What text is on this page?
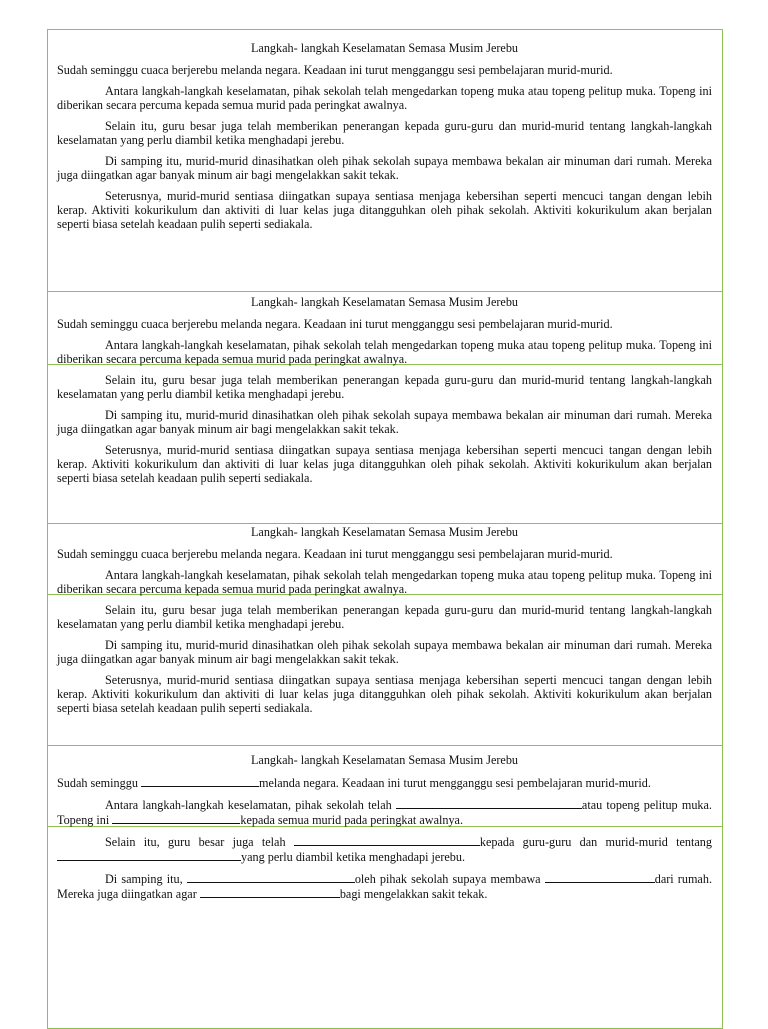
Langkah- langkah Keselamatan Semasa Musim Jerebu

Sudah seminggu cuaca berjerebu melanda negara. Keadaan ini turut mengganggu sesi pembelajaran murid-murid.

Antara langkah-langkah keselamatan, pihak sekolah telah mengedarkan topeng muka atau topeng pelitup muka. Topeng ini diberikan secara percuma kepada semua murid pada peringkat awalnya.

Selain itu, guru besar juga telah memberikan penerangan kepada guru-guru dan murid-murid tentang langkah-langkah keselamatan yang perlu diambil ketika menghadapi jerebu.

Di samping itu, murid-murid dinasihatkan oleh pihak sekolah supaya membawa bekalan air minuman dari rumah. Mereka juga diingatkan agar banyak minum air bagi mengelakkan sakit tekak.

Seterusnya, murid-murid sentiasa diingatkan supaya sentiasa menjaga kebersihan seperti mencuci tangan dengan lebih kerap. Aktiviti kokurikulum dan aktiviti di luar kelas juga ditangguhkan oleh pihak sekolah. Aktiviti kokurikulum akan berjalan seperti biasa setelah keadaan pulih seperti sediakala.

Langkah- langkah Keselamatan Semasa Musim Jerebu

Sudah seminggu cuaca berjerebu melanda negara. Keadaan ini turut mengganggu sesi pembelajaran murid-murid.

Antara langkah-langkah keselamatan, pihak sekolah telah mengedarkan topeng muka atau topeng pelitup muka. Topeng ini diberikan secara percuma kepada semua murid pada peringkat awalnya.

Selain itu, guru besar juga telah memberikan penerangan kepada guru-guru dan murid-murid tentang langkah-langkah keselamatan yang perlu diambil ketika menghadapi jerebu.

Di samping itu, murid-murid dinasihatkan oleh pihak sekolah supaya membawa bekalan air minuman dari rumah. Mereka juga diingatkan agar banyak minum air bagi mengelakkan sakit tekak.

Seterusnya, murid-murid sentiasa diingatkan supaya sentiasa menjaga kebersihan seperti mencuci tangan dengan lebih kerap. Aktiviti kokurikulum dan aktiviti di luar kelas juga ditangguhkan oleh pihak sekolah. Aktiviti kokurikulum akan berjalan seperti biasa setelah keadaan pulih seperti sediakala.

Langkah- langkah Keselamatan Semasa Musim Jerebu

Sudah seminggu cuaca berjerebu melanda negara. Keadaan ini turut mengganggu sesi pembelajaran murid-murid.

Antara langkah-langkah keselamatan, pihak sekolah telah mengedarkan topeng muka atau topeng pelitup muka. Topeng ini diberikan secara percuma kepada semua murid pada peringkat awalnya.

Selain itu, guru besar juga telah memberikan penerangan kepada guru-guru dan murid-murid tentang langkah-langkah keselamatan yang perlu diambil ketika menghadapi jerebu.

Di samping itu, murid-murid dinasihatkan oleh pihak sekolah supaya membawa bekalan air minuman dari rumah. Mereka juga diingatkan agar banyak minum air bagi mengelakkan sakit tekak.

Seterusnya, murid-murid sentiasa diingatkan supaya sentiasa menjaga kebersihan seperti mencuci tangan dengan lebih kerap. Aktiviti kokurikulum dan aktiviti di luar kelas juga ditangguhkan oleh pihak sekolah. Aktiviti kokurikulum akan berjalan seperti biasa setelah keadaan pulih seperti sediakala.

Langkah- langkah Keselamatan Semasa Musim Jerebu

Sudah seminggu	melanda negara. Keadaan ini turut mengganggu sesi pembelajaran murid-murid.

Antara langkah-langkah keselamatan, pihak sekolah telah	atau topeng pelitup muka. Topeng ini	kepada semua murid pada peringkat awalnya.

Selain itu, guru besar juga telah	kepada guru-guru dan murid-murid tentang yang perlu diambil ketika menghadapi jerebu.

Di samping itu,	oleh pihak sekolah supaya membawa	dari rumah. Mereka juga diingatkan agar	bagi mengelakkan sakit tekak.
